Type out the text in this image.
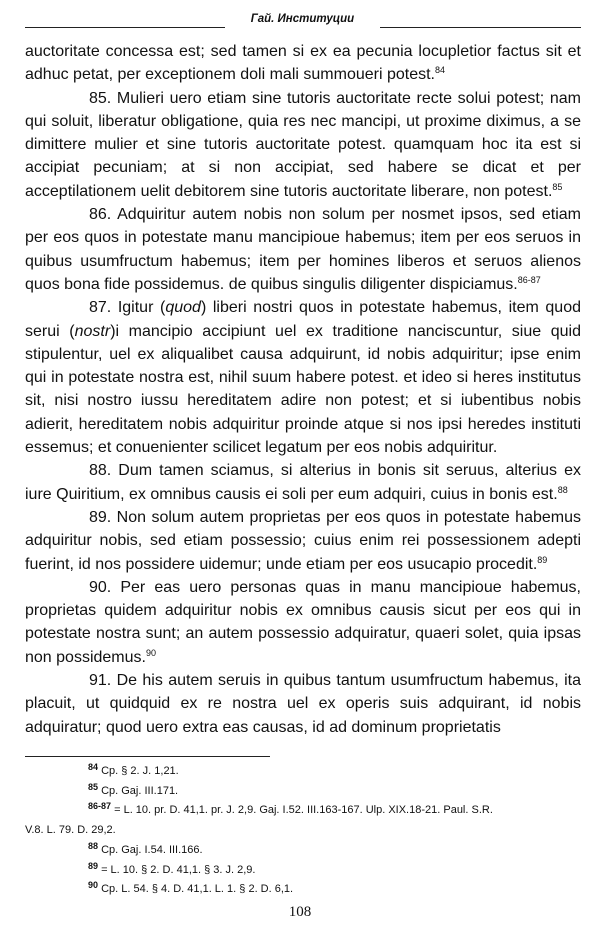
Гай. Институции

auctoritate concessa est; sed tamen si ex ea pecunia locupletior factus sit et adhuc petat, per exceptionem doli mali summoueri potest.$^{84}$

85. Mulieri uero etiam sine tutoris auctoritate recte solui potest; nam qui soluit, liberatur obligatione, quia res nec mancipi, ut proxime diximus, a se dimittere mulier et sine tutoris auctoritate potest. quamquam hoc ita est si accipiat pecuniam; at si non accipiat, sed habere se dicat et per acceptilationem uelit debitorem sine tutoris auctoritate liberare, non potest.$^{85}$

86. Adquiritur autem nobis non solum per nosmet ipsos, sed etiam per eos quos in potestate manu mancipioue habemus; item per eos seruos in quibus usumfructum habemus; item per homines liberos et seruos alienos quos bona fide possidemus. de quibus singulis diligenter dispiciamus.$^{86-87}$

87. Igitur (quod) liberi nostri quos in potestate habemus, item quod serui (nostr)i mancipio accipiunt uel ex traditione nanciscuntur, siue quid stipulentur, uel ex aliqualibet causa adquirunt, id nobis adquiritur; ipse enim qui in potestate nostra est, nihil suum habere potest. et ideo si heres institutus sit, nisi nostro iussu hereditatem adire non potest; et si iubentibus nobis adierit, hereditatem nobis adquiritur proinde atque si nos ipsi heredes instituti essemus; et conuenienter scilicet legatum per eos nobis adquiritur.

88. Dum tamen sciamus, si alterius in bonis sit seruus, alterius ex iure Quiritium, ex omnibus causis ei soli per eum adquiri, cuius in bonis est.$^{88}$

89. Non solum autem proprietas per eos quos in potestate habemus adquiritur nobis, sed etiam possessio; cuius enim rei possessionem adepti fuerint, id nos possidere uidemur; unde etiam per eos usucapio procedit.$^{89}$

90. Per eas uero personas quas in manu mancipioue habemus, proprietas quidem adquiritur nobis ex omnibus causis sicut per eos qui in potestate nostra sunt; an autem possessio adquiratur, quaeri solet, quia ipsas non possidemus.$^{90}$

91. De his autem seruis in quibus tantum usumfructum habemus, ita placuit, ut quidquid ex re nostra uel ex operis suis adquirant, id nobis adquiratur; quod uero extra eas causas, id ad dominum proprietatis

$^{84}$ Cp. § 2. J. 1,21.

$^{85}$ Cp. Gaj. III.171.

$^{86-87}$ = L. 10. pr. D. 41,1. pr. J. 2,9. Gaj. I.52. III.163-167. Ulp. XIX.18-21. Paul. S.R.

V.8. L. 79. D. 29,2.

$^{88}$ Cp. Gaj. I.54. III.166.

$^{89}$ = L. 10. § 2. D. 41,1. § 3. J. 2,9.

$^{90}$ Cp. L. 54. § 4. D. 41,1. L. 1. § 2. D. 6,1.

108
